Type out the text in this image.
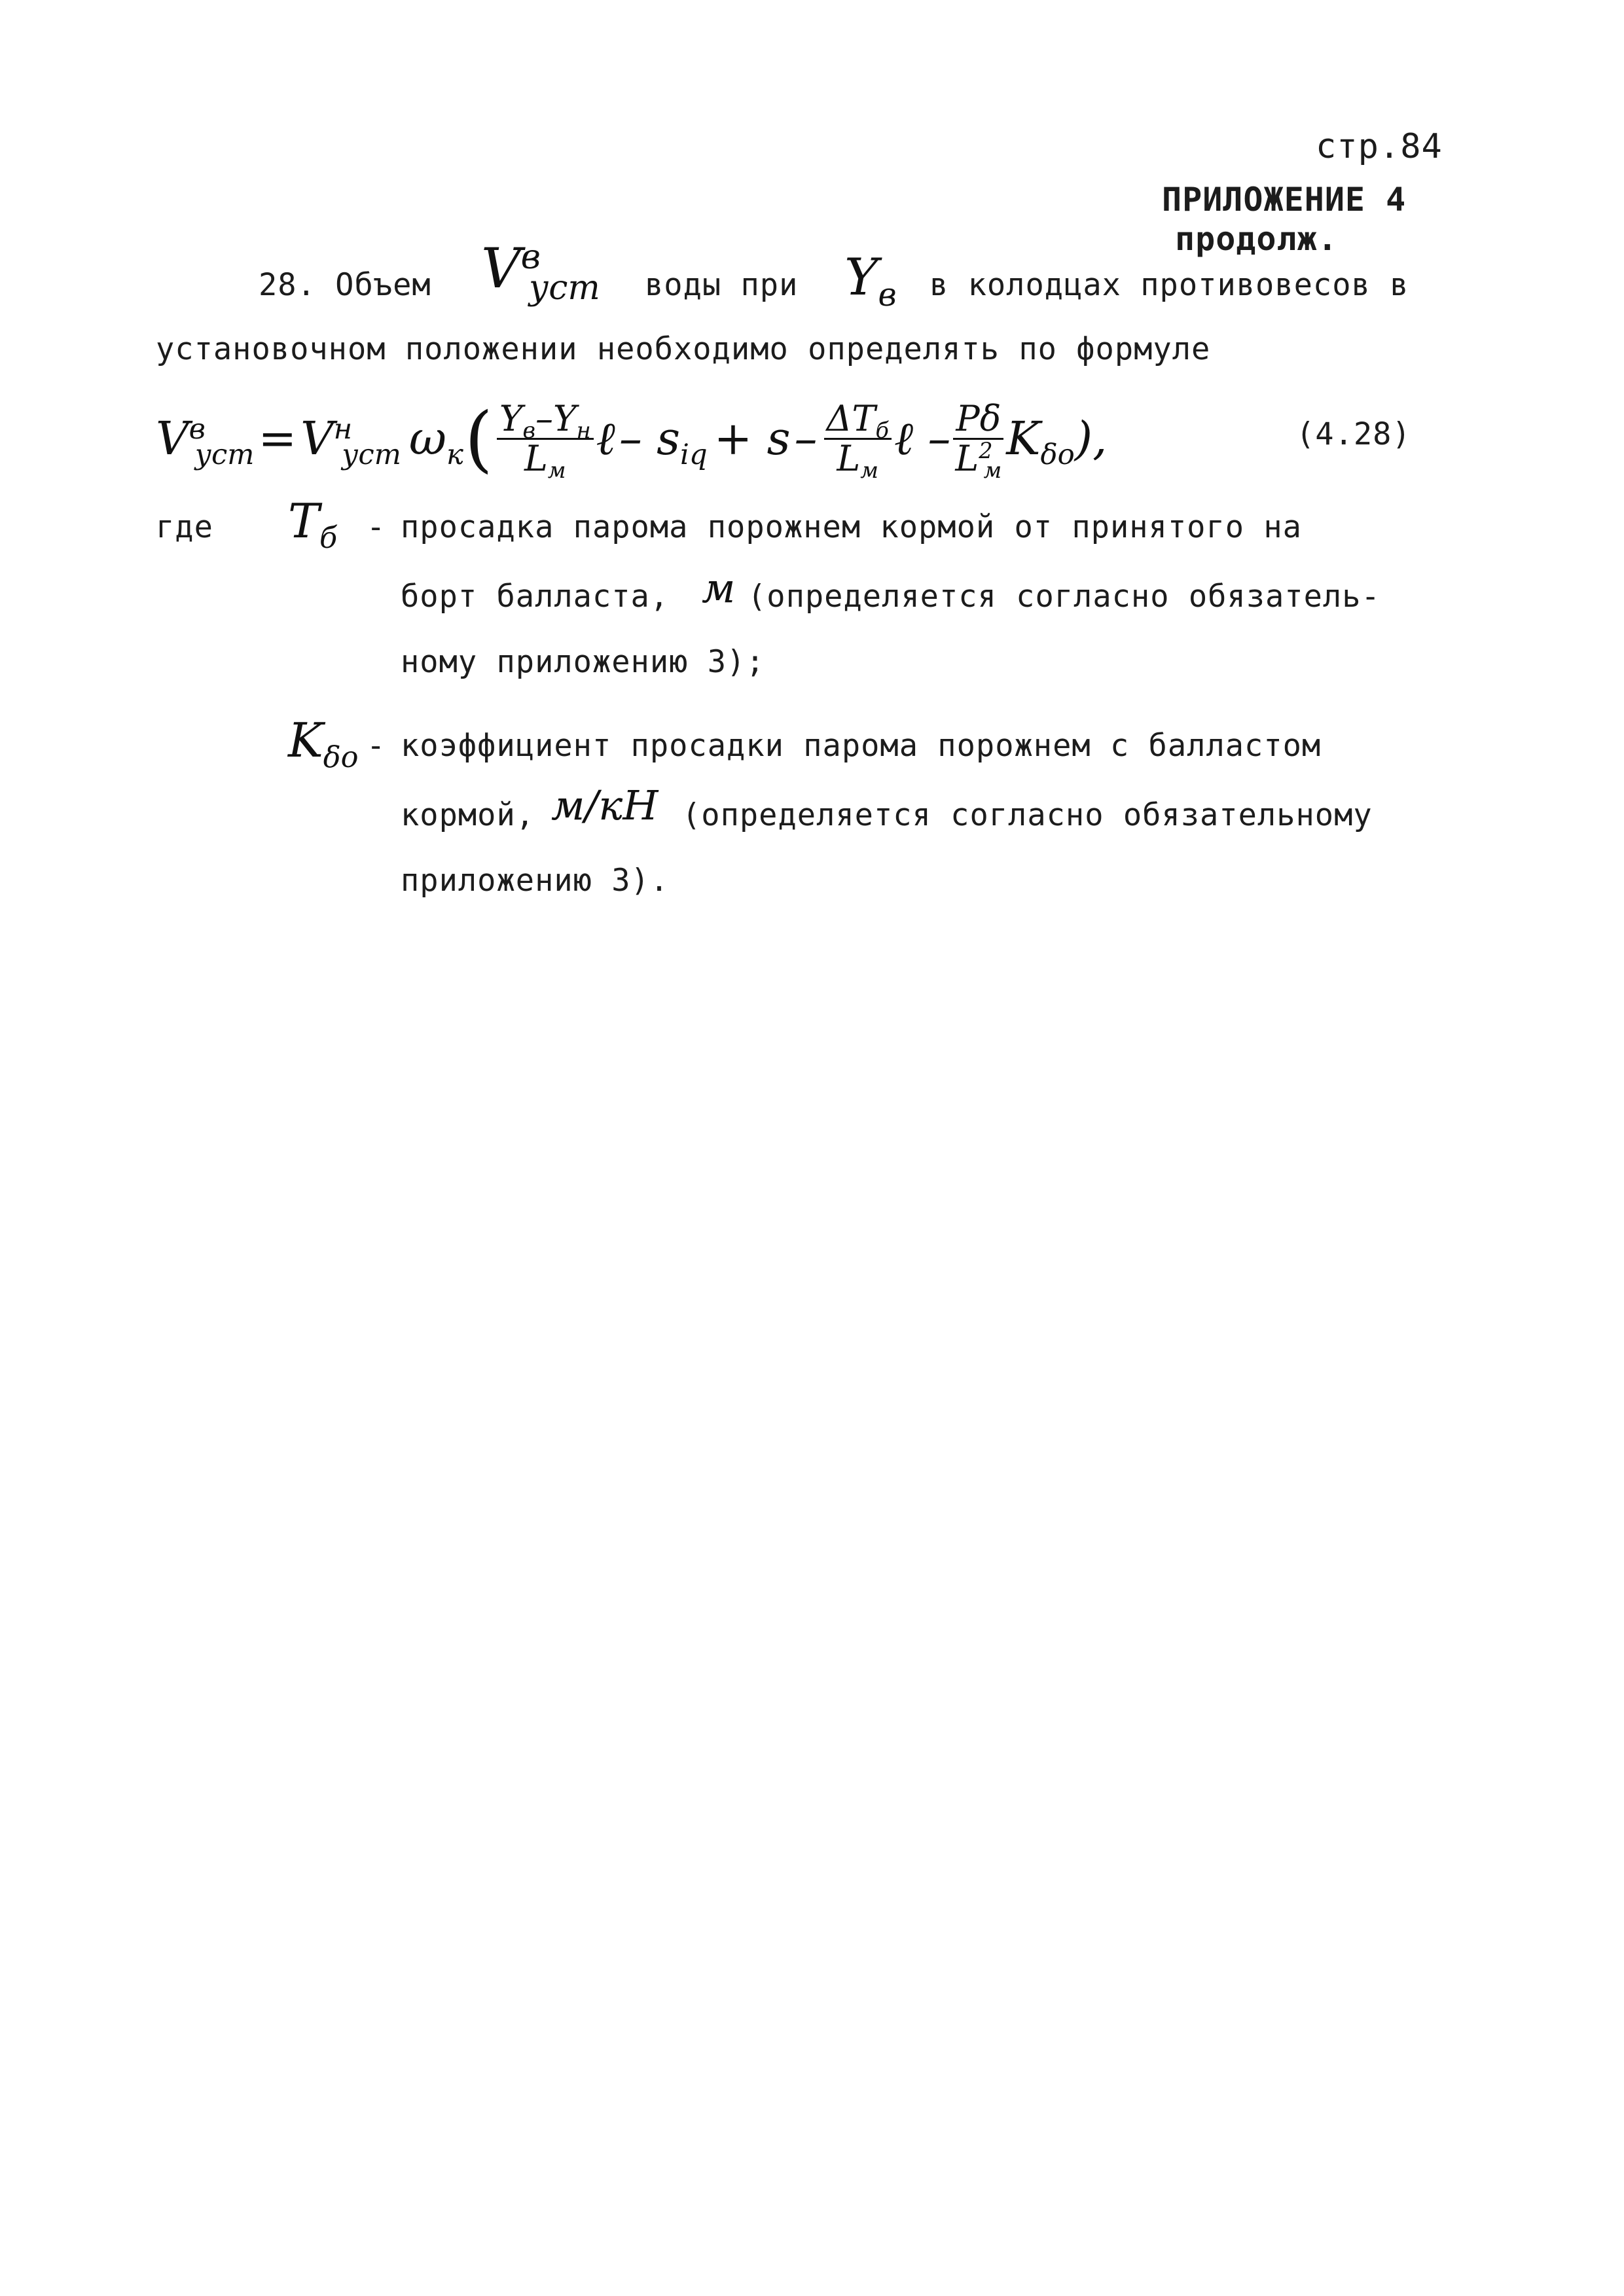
стр.84
ПРИЛОЖЕНИЕ 4
продолж.
28. Объем $V^в_{уст}$ воды при $Y_в$ в колодцах противовесов в
установочном положении необходимо определять по формуле
$V^в_{уст} = V^н_{уст}$ $\omega_к$ ( $\frac{Y_в-Y_н}{L_м}$ ℓ – $s_{iq} + s - \frac{\Delta T_б}{L_м}$ ℓ – $\frac{P\delta}{L^2_м} K_{\delta o}$ ),	(4.28)
где $T_б$ - просадка парома порожнем кормой от принятого на
борт балласта, м (определяется согласно обязатель-
ному приложению 3);
$K_{\delta o}$ - коэффициент просадки парома порожнем с балластом
кормой, м/кН (определяется согласно обязательному
приложению 3).
